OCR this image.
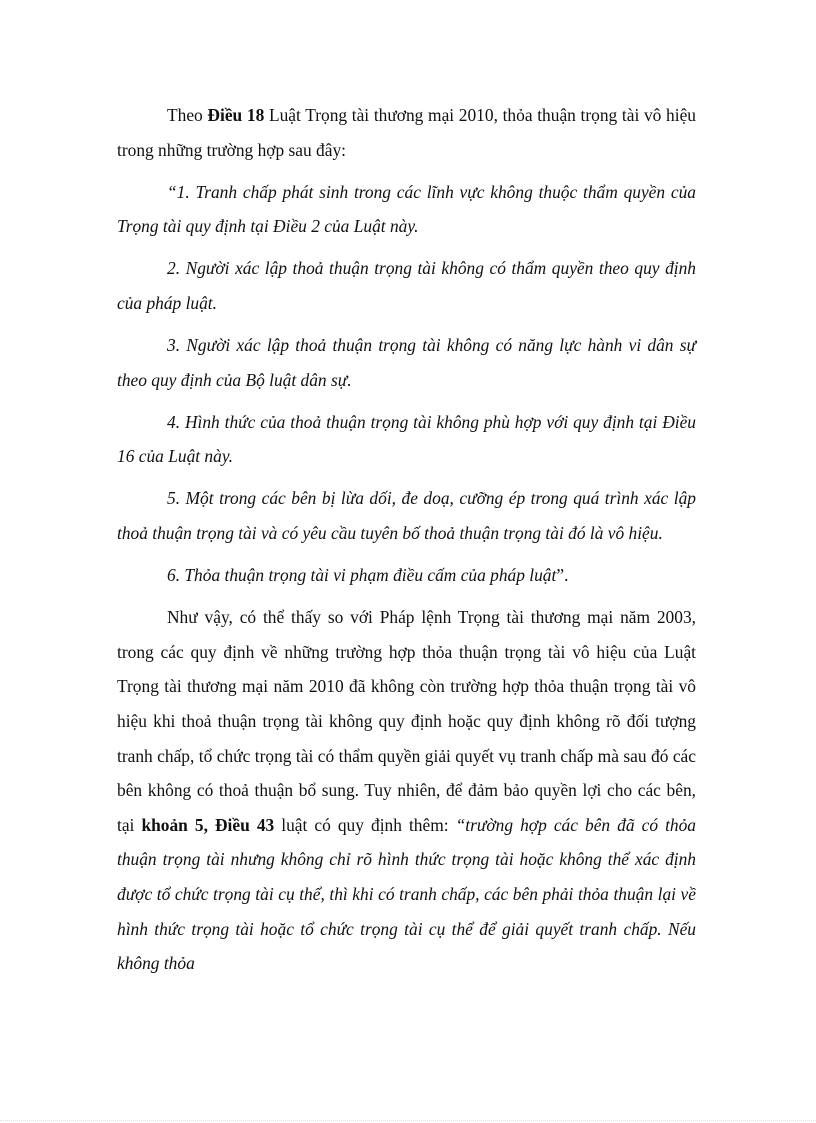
Theo Điều 18 Luật Trọng tài thương mại 2010, thỏa thuận trọng tài vô hiệu trong những trường hợp sau đây:

“1. Tranh chấp phát sinh trong các lĩnh vực không thuộc thẩm quyền của Trọng tài quy định tại Điều 2 của Luật này.

2. Người xác lập thoả thuận trọng tài không có thẩm quyền theo quy định của pháp luật.

3. Người xác lập thoả thuận trọng tài không có năng lực hành vi dân sự theo quy định của Bộ luật dân sự.

4. Hình thức của thoả thuận trọng tài không phù hợp với quy định tại Điều 16 của Luật này.

5. Một trong các bên bị lừa dối, đe doạ, cưỡng ép trong quá trình xác lập thoả thuận trọng tài và có yêu cầu tuyên bố thoả thuận trọng tài đó là vô hiệu.

6. Thỏa thuận trọng tài vi phạm điều cấm của pháp luật”.

Như vậy, có thể thấy so với Pháp lệnh Trọng tài thương mại năm 2003, trong các quy định về những trường hợp thỏa thuận trọng tài vô hiệu của Luật Trọng tài thương mại năm 2010 đã không còn trường hợp thỏa thuận trọng tài vô hiệu khi thoả thuận trọng tài không quy định hoặc quy định không rõ đối tượng tranh chấp, tổ chức trọng tài có thẩm quyền giải quyết vụ tranh chấp mà sau đó các bên không có thoả thuận bổ sung. Tuy nhiên, để đảm bảo quyền lợi cho các bên, tại khoản 5, Điều 43 luật có quy định thêm: “trường hợp các bên đã có thỏa thuận trọng tài nhưng không chỉ rõ hình thức trọng tài hoặc không thể xác định được tổ chức trọng tài cụ thể, thì khi có tranh chấp, các bên phải thỏa thuận lại về hình thức trọng tài hoặc tổ chức trọng tài cụ thể để giải quyết tranh chấp. Nếu không thỏa
